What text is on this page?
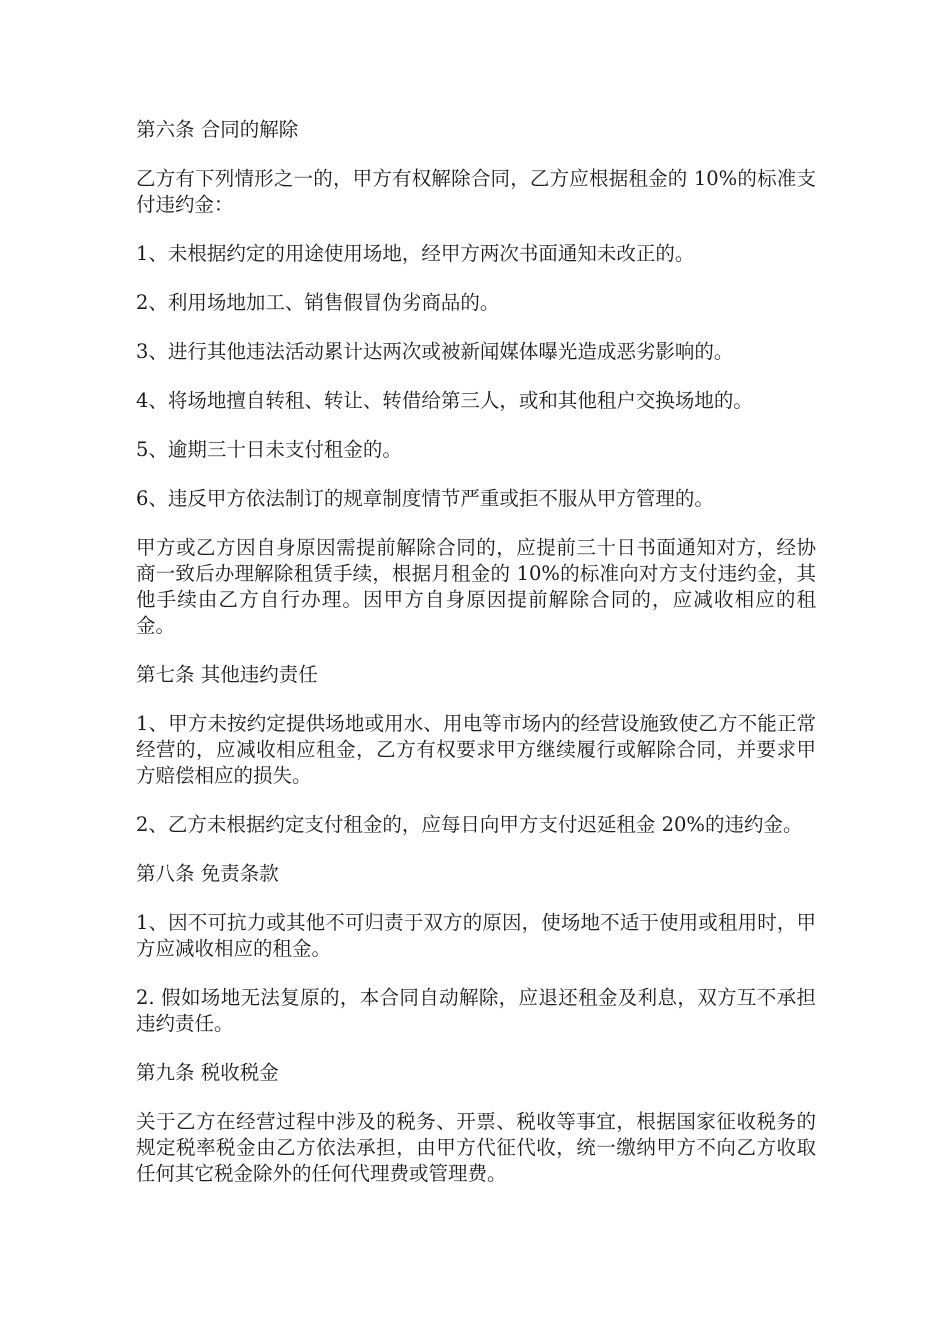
第六条 合同的解除

乙方有下列情形之一的，甲方有权解除合同，乙方应根据租金的 10%的标准支付违约金：

1、未根据约定的用途使用场地，经甲方两次书面通知未改正的。

2、利用场地加工、销售假冒伪劣商品的。

3、进行其他违法活动累计达两次或被新闻媒体曝光造成恶劣影响的。

4、将场地擅自转租、转让、转借给第三人，或和其他租户交换场地的。

5、逾期三十日未支付租金的。

6、违反甲方依法制订的规章制度情节严重或拒不服从甲方管理的。

甲方或乙方因自身原因需提前解除合同的，应提前三十日书面通知对方，经协商一致后办理解除租赁手续，根据月租金的 10%的标准向对方支付违约金，其他手续由乙方自行办理。因甲方自身原因提前解除合同的，应减收相应的租金。

第七条 其他违约责任

1、甲方未按约定提供场地或用水、用电等市场内的经营设施致使乙方不能正常经营的，应减收相应租金，乙方有权要求甲方继续履行或解除合同，并要求甲方赔偿相应的损失。

2、乙方未根据约定支付租金的，应每日向甲方支付迟延租金 20%的违约金。

第八条 免责条款

1、因不可抗力或其他不可归责于双方的原因，使场地不适于使用或租用时，甲方应减收相应的租金。

2. 假如场地无法复原的，本合同自动解除，应退还租金及利息，双方互不承担违约责任。

第九条 税收税金

关于乙方在经营过程中涉及的税务、开票、税收等事宜，根据国家征收税务的规定税率税金由乙方依法承担，由甲方代征代收，统一缴纳甲方不向乙方收取任何其它税金除外的任何代理费或管理费。
